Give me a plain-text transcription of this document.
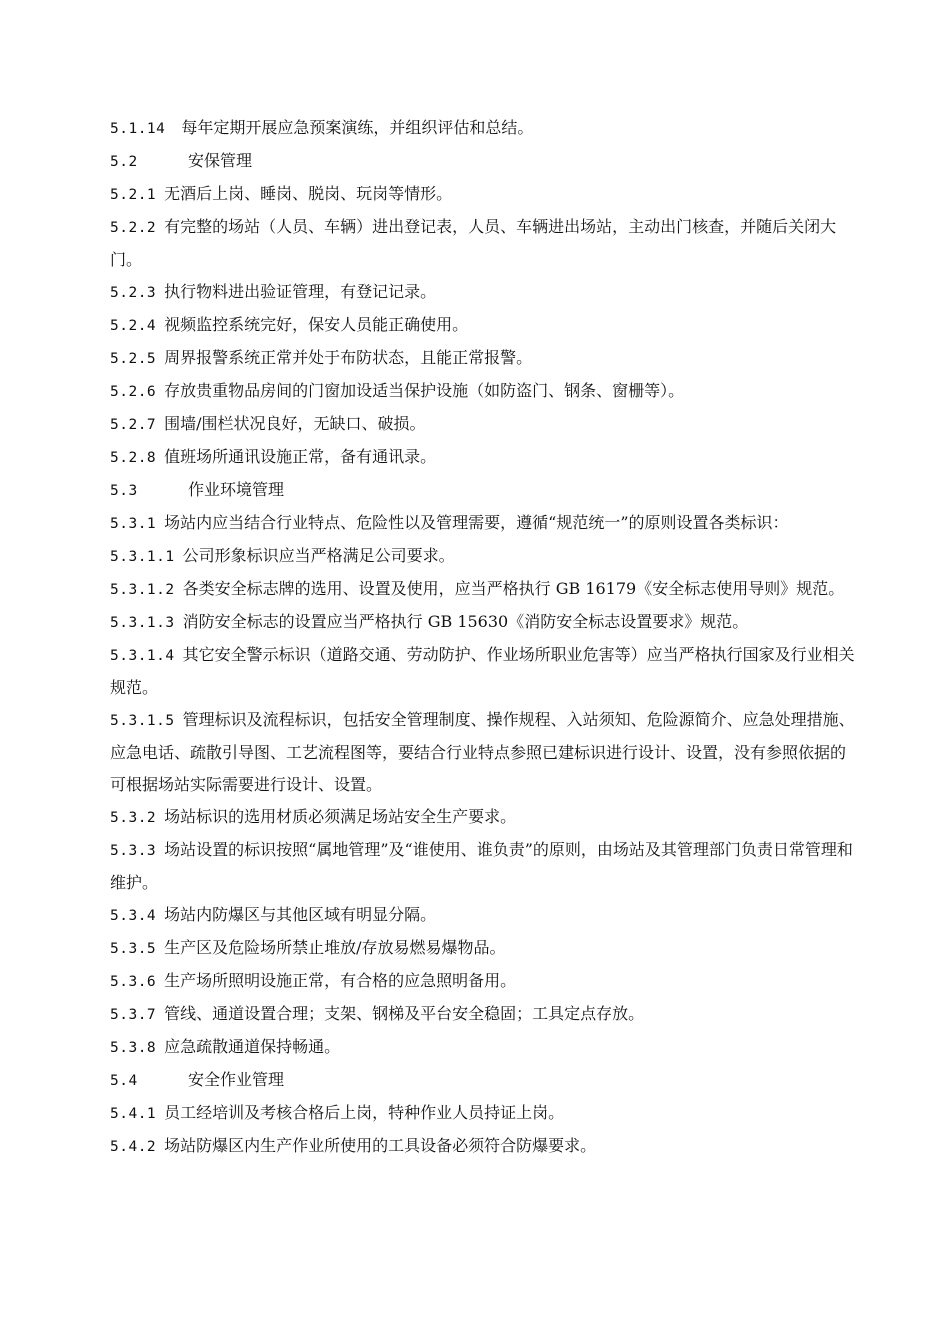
5.1.14 每年定期开展应急预案演练，并组织评估和总结。

5.2	安保管理

5.2.1 无酒后上岗、睡岗、脱岗、玩岗等情形。

5.2.2 有完整的场站（人员、车辆）进出登记表，人员、车辆进出场站，主动出门核查，并随后关闭大门。

5.2.3 执行物料进出验证管理，有登记记录。

5.2.4 视频监控系统完好，保安人员能正确使用。

5.2.5 周界报警系统正常并处于布防状态，且能正常报警。

5.2.6 存放贵重物品房间的门窗加设适当保护设施（如防盗门、钢条、窗栅等）。

5.2.7 围墙/围栏状况良好，无缺口、破损。

5.2.8 值班场所通讯设施正常，备有通讯录。

5.3	作业环境管理

5.3.1 场站内应当结合行业特点、危险性以及管理需要，遵循“规范统一”的原则设置各类标识：

5.3.1.1 公司形象标识应当严格满足公司要求。

5.3.1.2 各类安全标志牌的选用、设置及使用，应当严格执行 GB 16179《安全标志使用导则》规范。

5.3.1.3 消防安全标志的设置应当严格执行 GB 15630《消防安全标志设置要求》规范。

5.3.1.4 其它安全警示标识（道路交通、劳动防护、作业场所职业危害等）应当严格执行国家及行业相关规范。

5.3.1.5 管理标识及流程标识，包括安全管理制度、操作规程、入站须知、危险源简介、应急处理措施、应急电话、疏散引导图、工艺流程图等，要结合行业特点参照已建标识进行设计、设置，没有参照依据的可根据场站实际需要进行设计、设置。

5.3.2 场站标识的选用材质必须满足场站安全生产要求。

5.3.3 场站设置的标识按照“属地管理”及“谁使用、谁负责”的原则，由场站及其管理部门负责日常管理和维护。

5.3.4 场站内防爆区与其他区域有明显分隔。

5.3.5 生产区及危险场所禁止堆放/存放易燃易爆物品。

5.3.6 生产场所照明设施正常，有合格的应急照明备用。

5.3.7 管线、通道设置合理；支架、钢梯及平台安全稳固；工具定点存放。

5.3.8 应急疏散通道保持畅通。

5.4	安全作业管理

5.4.1 员工经培训及考核合格后上岗，特种作业人员持证上岗。

5.4.2 场站防爆区内生产作业所使用的工具设备必须符合防爆要求。
